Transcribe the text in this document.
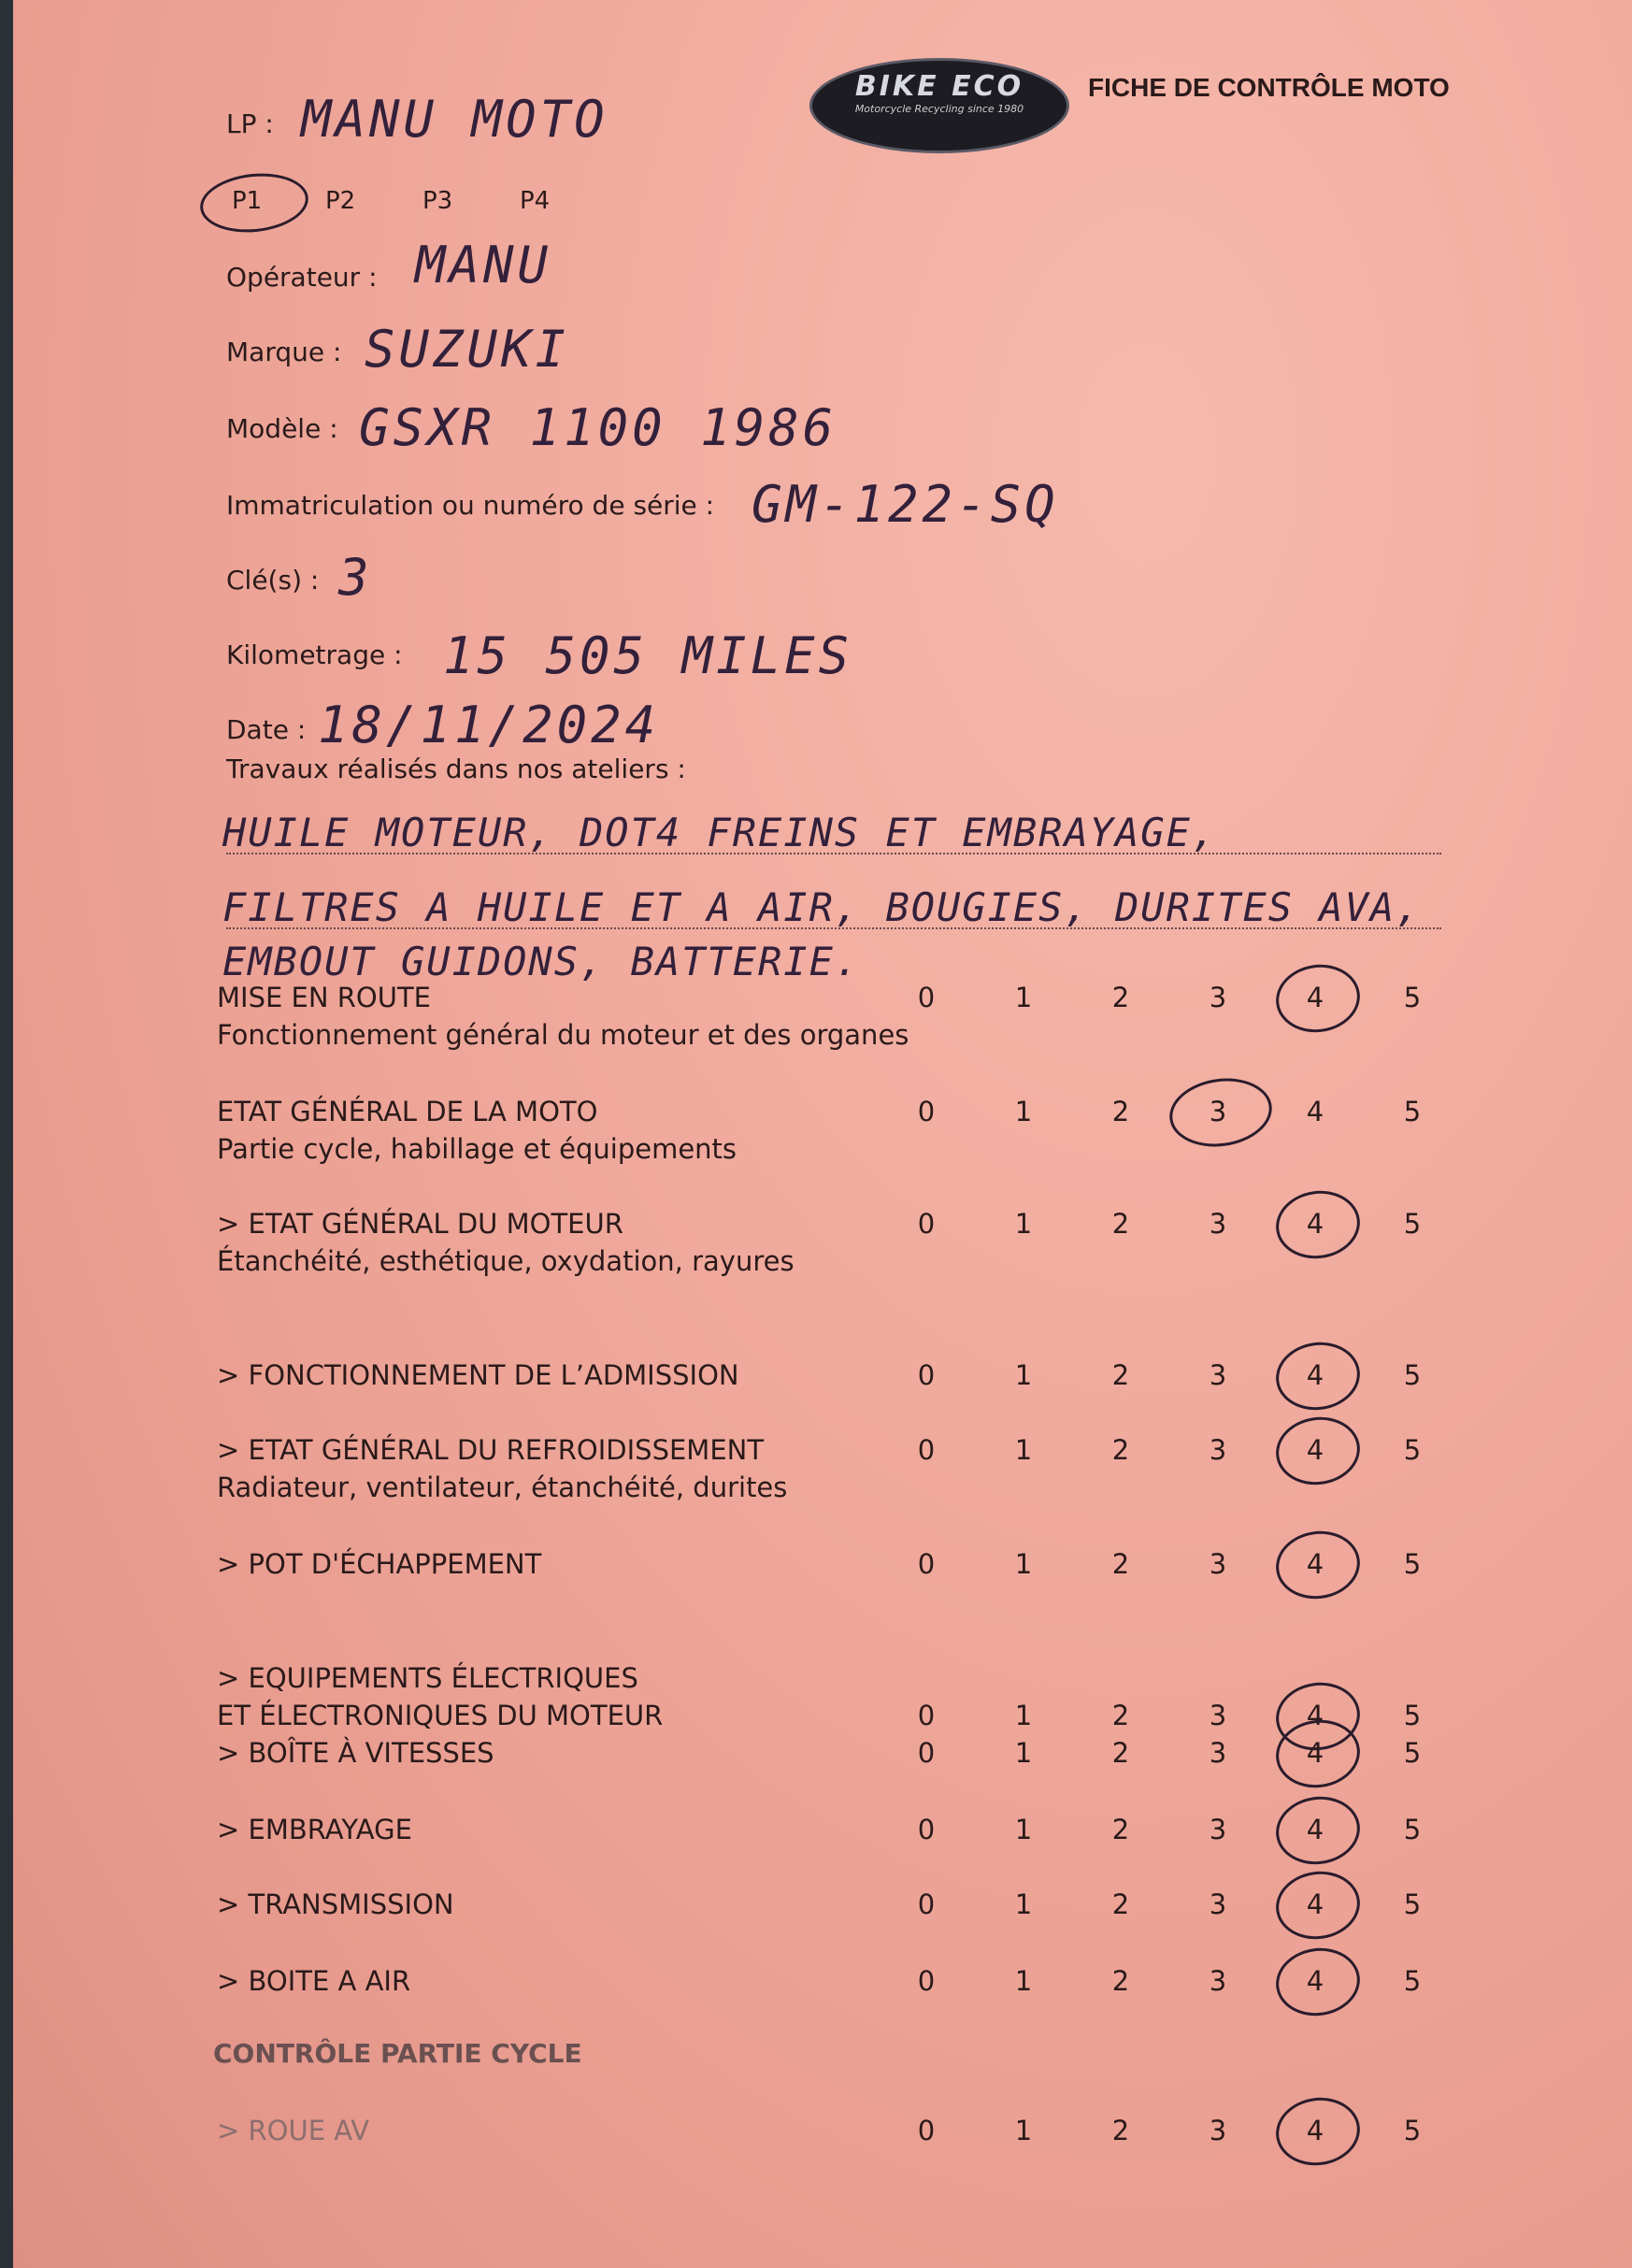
BIKE ECO
Motorcycle Recycling since 1980
FICHE DE CONTRÔLE MOTO
LP : MANU MOTO
P1	P2	P3	P4
Opérateur : MANU
Marque : SUZUKI
Modèle : GSXR 1100 1986
Immatriculation ou numéro de série : GM-122-SQ
Clé(s) : 3
Kilometrage : 15 505 MILES
Date : 18/11/2024
Travaux réalisés dans nos ateliers :
HUILE MOTEUR, DOT4 FREINS ET EMBRAYAGE,
FILTRES A HUILE ET A AIR, BOUGIES, DURITES AVA,
EMBOUT GUIDONS, BATTERIE.
MISE EN ROUTE
Fonctionnement général du moteur et des organes
0	1	2	3	4	5
ETAT GÉNÉRAL DE LA MOTO
Partie cycle, habillage et équipements
0	1	2	3	4	5
> ETAT GÉNÉRAL DU MOTEUR
Étanchéité, esthétique, oxydation, rayures
0	1	2	3	4	5
> FONCTIONNEMENT DE L’ADMISSION	0	1	2	3	4	5
> ETAT GÉNÉRAL DU REFROIDISSEMENT
Radiateur, ventilateur, étanchéité, durites
0	1	2	3	4	5
> POT D'ÉCHAPPEMENT	0	1	2	3	4	5
> EQUIPEMENTS ÉLECTRIQUES
ET ÉLECTRONIQUES DU MOTEUR	0	1	2	3	4	5
> BOÎTE À VITESSES	0	1	2	3	4	5
> EMBRAYAGE	0	1	2	3	4	5
> TRANSMISSION	0	1	2	3	4	5
> BOITE A AIR	0	1	2	3	4	5
CONTRÔLE PARTIE CYCLE
> ROUE AV	0	1	2	3	4	5
